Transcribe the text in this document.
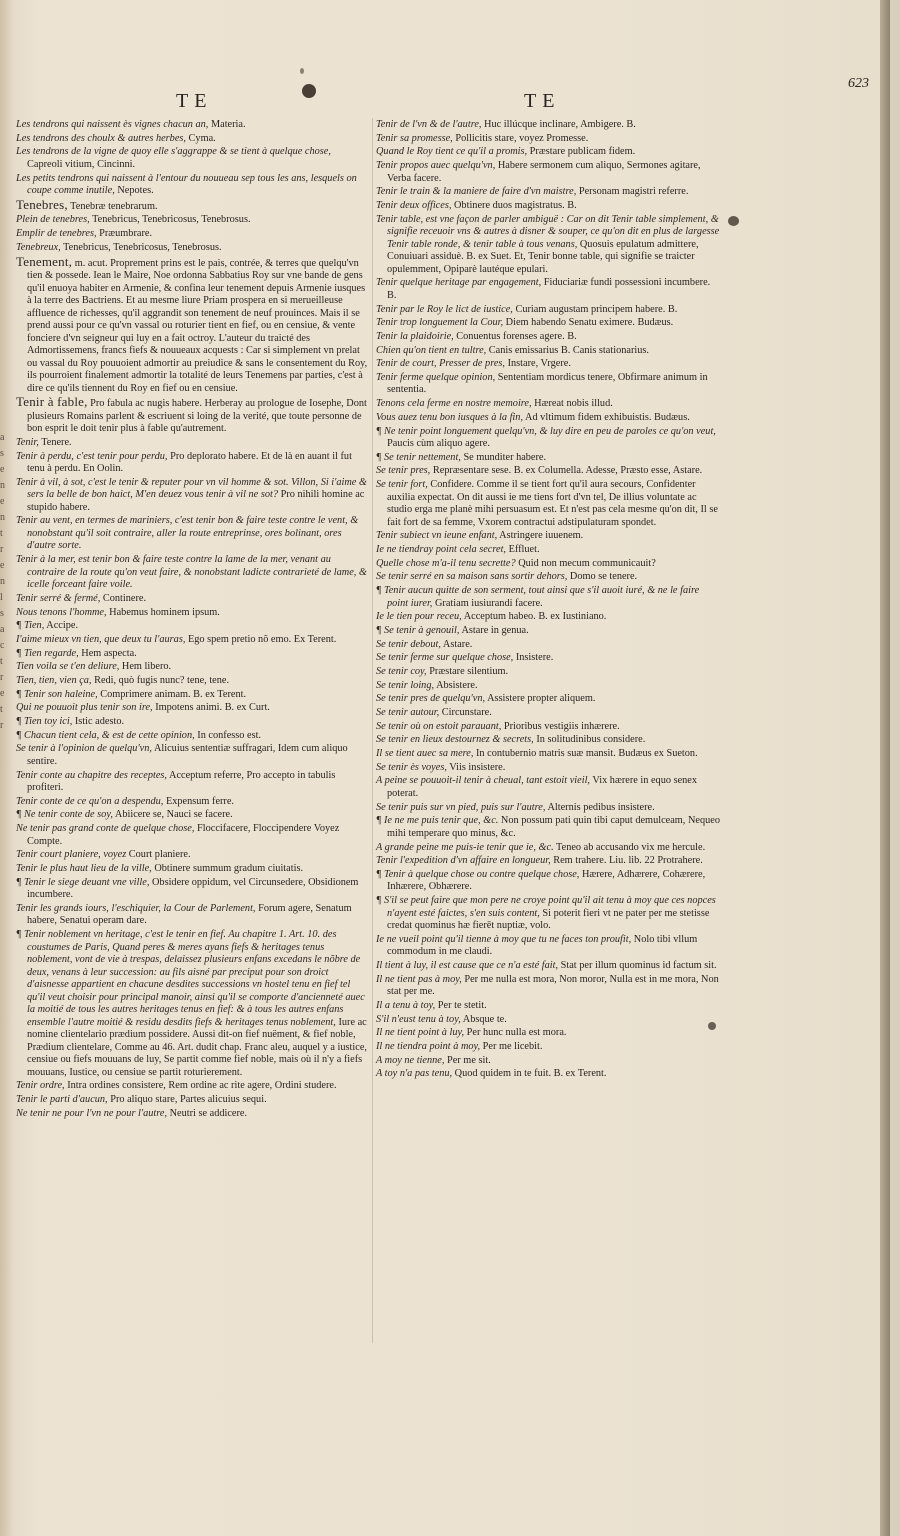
a
s
e
n
e
n
t
r
e
n
l
s
a
c
t
r
e
t
r
TE	TE
623
Les tendrons qui naissent ès vignes chacun an, Materia.
Les tendrons des choulx & autres herbes, Cyma.
Les tendrons de la vigne de quoy elle s'aggrappe & se tient à quelque chose, Capreoli vitium, Cincinni.
Les petits tendrons qui naissent à l'entour du nouueau sep tous les ans, lesquels on coupe comme inutile, Nepotes.
Tenebres, Tenebræ tenebrarum.
Plein de tenebres, Tenebricus, Tenebricosus, Tenebrosus.
Emplir de tenebres, Præumbrare.
Tenebreux, Tenebricus, Tenebricosus, Tenebrosus.
Tenement, m. acut. Proprement prins est le pais, contrée, & terres que quelqu'vn tien & possede. Iean le Maire, Noe ordonna Sabbatius Roy sur vne bande de gens qu'il enuoya habiter en Armenie, & confina leur tenement depuis Armenie iusques à la terre des Bactriens. Et au mesme liure Priam prospera en si merueilleuse affluence de richesses, qu'il aggrandit son tenement de neuf prouinces. Mais il se prend aussi pour ce qu'vn vassal ou roturier tient en fief, ou en censiue, & vente fonciere d'vn seigneur qui luy en a fait octroy. L'auteur du traicté des Admortissemens, francs fiefs & nouueaux acquests : Car si simplement vn prelat ou vassal du Roy pouuoient admortir au preiudice & sans le consentement du Roy, ils pourroient finalement admortir la totalité de leurs Tenemens par parties, c'est à dire ce qu'ils tiennent du Roy en fief ou en censiue.
Tenir à fable, Pro fabula ac nugis habere. Herberay au prologue de Iosephe, Dont plusieurs Romains parlent & escriuent si loing de la verité, que toute personne de bon esprit le doit tenir plus à fable qu'autrement.
Tenir, Tenere.
Tenir à perdu, c'est tenir pour perdu, Pro deplorato habere. Et de là en auant il fut tenu à perdu. En Oolin.
Tenir à vil, à sot, c'est le tenir & reputer pour vn vil homme & sot. Villon, Si i'aime & sers la belle de bon haict, M'en deuez vous tenir à vil ne sot? Pro nihili homine ac stupido habere.
Tenir au vent, en termes de mariniers, c'est tenir bon & faire teste contre le vent, & nonobstant qu'il soit contraire, aller la route entreprinse, ores bolinant, ores d'autre sorte.
Tenir à la mer, est tenir bon & faire teste contre la lame de la mer, venant au contraire de la route qu'on veut faire, & nonobstant ladicte contrarieté de lame, & icelle forceant faire voile.
Tenir serré & fermé, Continere.
Nous tenons l'homme, Habemus hominem ipsum.
¶ Tien, Accipe.
I'aime mieux vn tien, que deux tu l'auras, Ego spem pretio nõ emo. Ex Terent.
¶ Tien regarde, Hem aspecta.
Tien voila se t'en deliure, Hem libero.
Tien, tien, vien ça, Redi, quò fugis nunc? tene, tene.
¶ Tenir son haleine, Comprimere animam. B. ex Terent.
Qui ne pouuoit plus tenir son ire, Impotens animi. B. ex Curt.
¶ Tien toy ici, Istic adesto.
¶ Chacun tient cela, & est de cette opinion, In confesso est.
Se tenir à l'opinion de quelqu'vn, Alicuius sententiæ suffragari, Idem cum aliquo sentire.
Tenir conte au chapitre des receptes, Acceptum referre, Pro accepto in tabulis profiteri.
Tenir conte de ce qu'on a despendu, Expensum ferre.
¶ Ne tenir conte de soy, Abiicere se, Nauci se facere.
Ne tenir pas grand conte de quelque chose, Floccifacere, Floccipendere Voyez Compte.
Tenir court planiere, voyez Court planiere.
Tenir le plus haut lieu de la ville, Obtinere summum gradum ciuitatis.
¶ Tenir le siege deuant vne ville, Obsidere oppidum, vel Circunsedere, Obsidionem incumbere.
Tenir les grands iours, l'eschiquier, la Cour de Parlement, Forum agere, Senatum habere, Senatui operam dare.
¶ Tenir noblement vn heritage, c'est le tenir en fief. Au chapitre 1. Art. 10. des coustumes de Paris, Quand peres & meres ayans fiefs & heritages tenus noblement, vont de vie à trespas, delaissez plusieurs enfans excedans le nõbre de deux, venans à leur succession: au fils aisné par preciput pour son droict d'aisnesse appartient en chacune desdites successions vn hostel tenu en fief tel qu'il veut choisir pour principal manoir, ainsi qu'il se comporte d'ancienneté auec la moitié de tous les autres heritages tenus en fief: & à tous les autres enfans ensemble l'autre moitié & residu desdits fiefs & heritages tenus noblement, Iure ac nomine clientelario prædium possidere. Aussi dit-on fief nuëment, & fief noble, Prædium clientelare, Comme au 46. Art. dudit chap. Franc aleu, auquel y a iustice, censiue ou fiefs mouuans de luy, Se partit comme fief noble, mais où il n'y a fiefs mouuans, Iustice, ou censiue se partit roturierement.
Tenir ordre, Intra ordines consistere, Rem ordine ac rite agere, Ordini studere.
Tenir le parti d'aucun, Pro aliquo stare, Partes alicuius sequi.
Ne tenir ne pour l'vn ne pour l'autre, Neutri se addicere.
Tenir de l'vn & de l'autre, Huc illúcque inclinare, Ambigere. B.
Tenir sa promesse, Pollicitis stare, voyez Promesse.
Quand le Roy tient ce qu'il a promis, Præstare publicam fidem.
Tenir propos auec quelqu'vn, Habere sermonem cum aliquo, Sermones agitare, Verba facere.
Tenir le train & la maniere de faire d'vn maistre, Personam magistri referre.
Tenir deux offices, Obtinere duos magistratus. B.
Tenir table, est vne façon de parler ambiguë : Car on dit Tenir table simplement, & signifie receuoir vns & autres à disner & souper, ce qu'on dit en plus de largesse Tenir table ronde, & tenir table à tous venans, Quosuis epulatum admittere, Conuiuari assiduè. B. ex Suet. Et, Tenir bonne table, qui signifie se traicter opulemment, Opiparè lautéque epulari.
Tenir quelque heritage par engagement, Fiduciariæ fundi possessioni incumbere. B.
Tenir par le Roy le lict de iustice, Curiam augustam principem habere. B.
Tenir trop longuement la Cour, Diem habendo Senatu eximere. Budæus.
Tenir la plaidoirie, Conuentus forenses agere. B.
Chien qu'on tient en tultre, Canis emissarius B. Canis stationarius.
Tenir de court, Presser de pres, Instare, Vrgere.
Tenir ferme quelque opinion, Sententiam mordicus tenere, Obfirmare animum in sententia.
Tenons cela ferme en nostre memoire, Hæreat nobis illud.
Vous auez tenu bon iusques à la fin, Ad vltimum fidem exhibuistis. Budæus.
¶ Ne tenir point longuement quelqu'vn, & luy dire en peu de paroles ce qu'on veut, Paucis cùm aliquo agere.
¶ Se tenir nettement, Se munditer habere.
Se tenir pres, Repræsentare sese. B. ex Columella. Adesse, Præsto esse, Astare.
Se tenir fort, Confidere. Comme il se tient fort qu'il aura secours, Confidenter auxilia expectat. On dit aussi ie me tiens fort d'vn tel, De illius voluntate ac studio erga me planè mihi persuasum est. Et n'est pas cela mesme qu'on dit, Il se fait fort de sa femme, Vxorem contractui adstipulaturam spondet.
Tenir subiect vn ieune enfant, Astringere iuuenem.
Ie ne tiendray point cela secret, Effluet.
Quelle chose m'a-il tenu secrette? Quid non mecum communicauit?
Se tenir serré en sa maison sans sortir dehors, Domo se tenere.
¶ Tenir aucun quitte de son serment, tout ainsi que s'il auoit iuré, & ne le faire point iurer, Gratiam iusiurandi facere.
Ie le tien pour receu, Acceptum habeo. B. ex Iustiniano.
¶ Se tenir à genouil, Astare in genua.
Se tenir debout, Astare.
Se tenir ferme sur quelque chose, Insistere.
Se tenir coy, Præstare silentium.
Se tenir loing, Absistere.
Se tenir pres de quelqu'vn, Assistere propter aliquem.
Se tenir autour, Circunstare.
Se tenir où on estoit parauant, Prioribus vestigiis inhærere.
Se tenir en lieux destournez & secrets, In solitudinibus considere.
Il se tient auec sa mere, In contubernio matris suæ mansit. Budæus ex Sueton.
Se tenir ès voyes, Viis insistere.
A peine se pouuoit-il tenir à cheual, tant estoit vieil, Vix hærere in equo senex poterat.
Se tenir puis sur vn pied, puis sur l'autre, Alternis pedibus insistere.
¶ Ie ne me puis tenir que, &c. Non possum pati quin tibi caput demulceam, Nequeo mihi temperare quo minus, &c.
A grande peine me puis-ie tenir que ie, &c. Teneo ab accusando vix me hercule.
Tenir l'expedition d'vn affaire en longueur, Rem trahere. Liu. lib. 22 Protrahere.
¶ Tenir à quelque chose ou contre quelque chose, Hærere, Adhærere, Cohærere, Inhærere, Obhærere.
¶ S'il se peut faire que mon pere ne croye point qu'il ait tenu à moy que ces nopces n'ayent esté faictes, s'en suis content, Si poterit fieri vt ne pater per me stetisse credat quominus hæ fierēt nuptiæ, volo.
Ie ne vueil point qu'il tienne à moy que tu ne faces ton proufit, Nolo tibi vllum commodum in me claudi.
Il tient à luy, il est cause que ce n'a esté fait, Stat per illum quominus id factum sit.
Il ne tient pas à moy, Per me nulla est mora, Non moror, Nulla est in me mora, Non stat per me.
Il a tenu à toy, Per te stetit.
S'il n'eust tenu à toy, Absque te.
Il ne tient point à luy, Per hunc nulla est mora.
Il ne tiendra point à moy, Per me licebit.
A moy ne tienne, Per me sit.
A toy n'a pas tenu, Quod quidem in te fuit. B. ex Terent.
